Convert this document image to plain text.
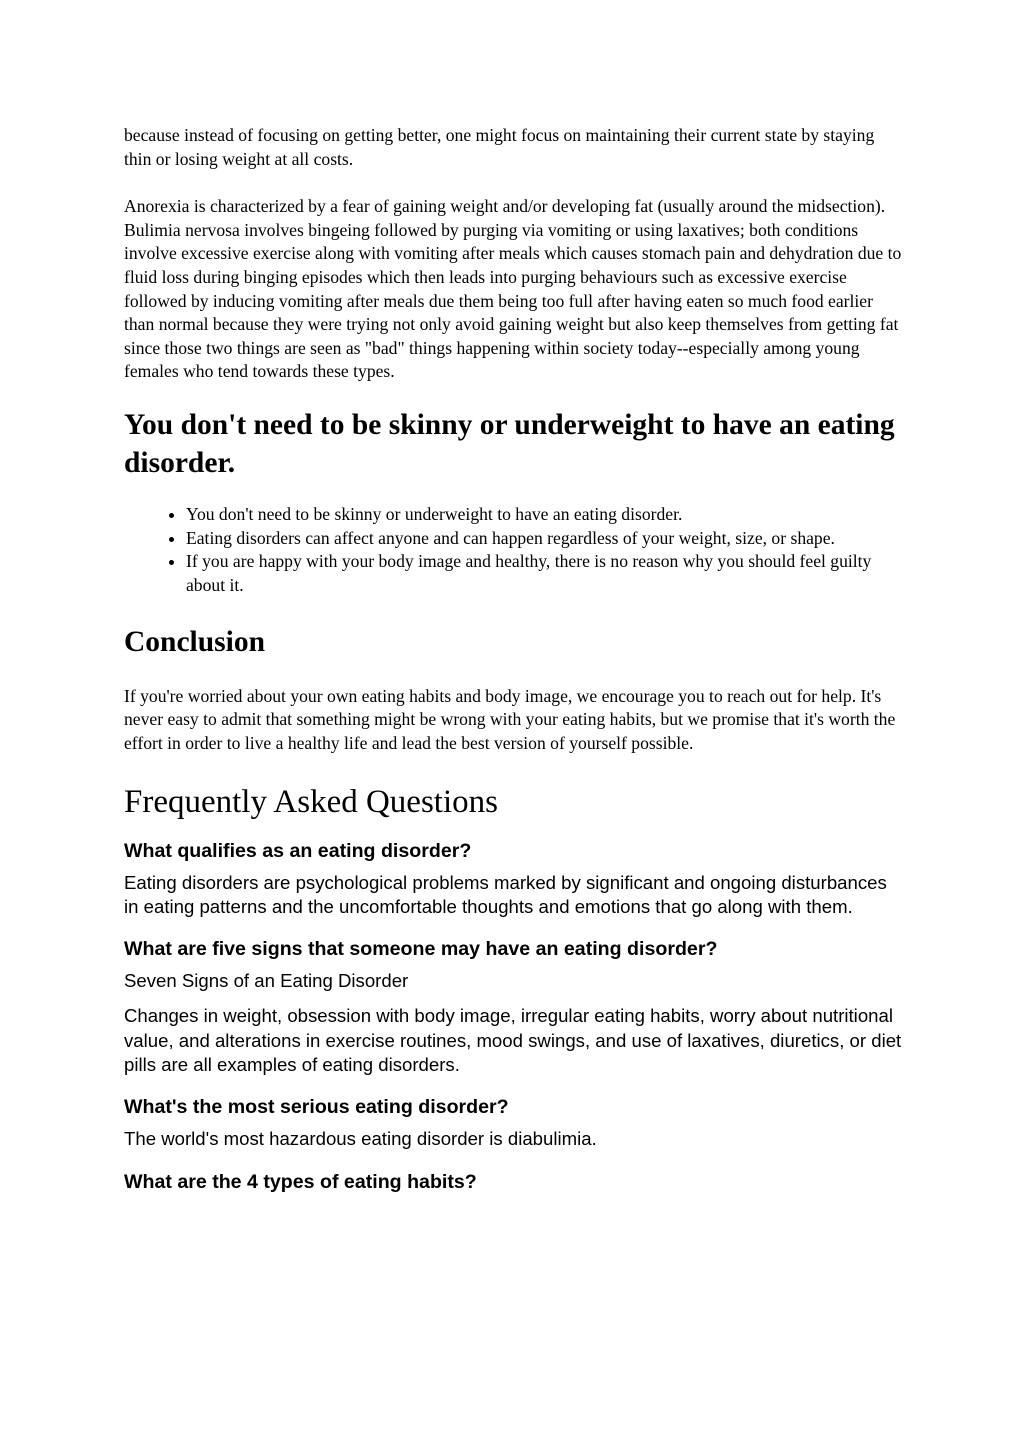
because instead of focusing on getting better, one might focus on maintaining their current state by staying thin or losing weight at all costs.

Anorexia is characterized by a fear of gaining weight and/or developing fat (usually around the midsection). Bulimia nervosa involves bingeing followed by purging via vomiting or using laxatives; both conditions involve excessive exercise along with vomiting after meals which causes stomach pain and dehydration due to fluid loss during binging episodes which then leads into purging behaviours such as excessive exercise followed by inducing vomiting after meals due them being too full after having eaten so much food earlier than normal because they were trying not only avoid gaining weight but also keep themselves from getting fat since those two things are seen as "bad" things happening within society today--especially among young females who tend towards these types.

You don't need to be skinny or underweight to have an eating disorder.
• You don't need to be skinny or underweight to have an eating disorder.
• Eating disorders can affect anyone and can happen regardless of your weight, size, or shape.
• If you are happy with your body image and healthy, there is no reason why you should feel guilty about it.
Conclusion

If you're worried about your own eating habits and body image, we encourage you to reach out for help. It's never easy to admit that something might be wrong with your eating habits, but we promise that it's worth the effort in order to live a healthy life and lead the best version of yourself possible.

Frequently Asked Questions
What qualifies as an eating disorder?

Eating disorders are psychological problems marked by significant and ongoing disturbances in eating patterns and the uncomfortable thoughts and emotions that go along with them.

What are five signs that someone may have an eating disorder?

Seven Signs of an Eating Disorder

Changes in weight, obsession with body image, irregular eating habits, worry about nutritional value, and alterations in exercise routines, mood swings, and use of laxatives, diuretics, or diet pills are all examples of eating disorders.

What's the most serious eating disorder?

The world's most hazardous eating disorder is diabulimia.

What are the 4 types of eating habits?
